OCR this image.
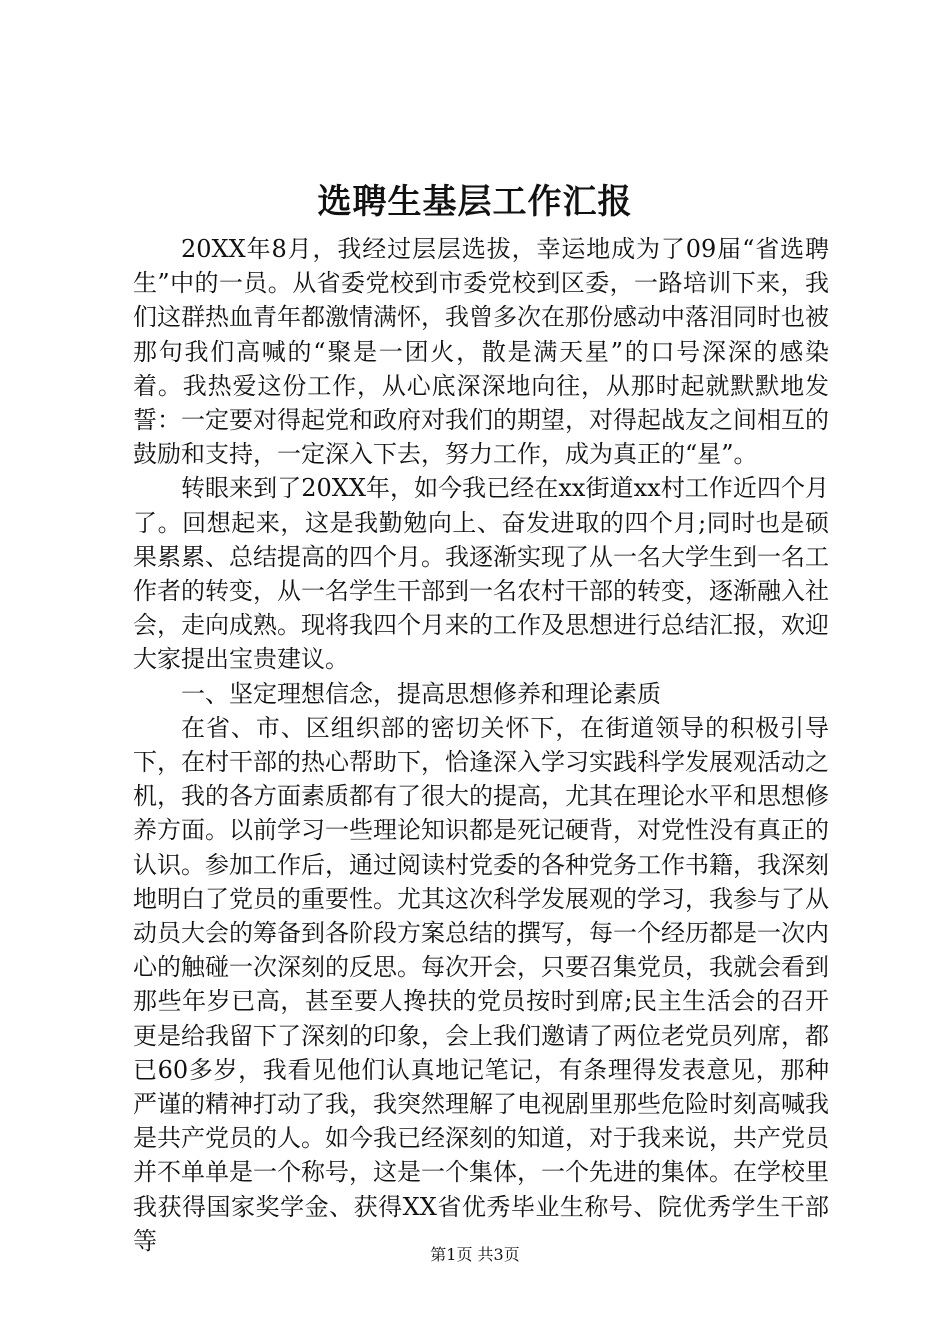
选聘生基层工作汇报

20XX年8月，我经过层层选拔，幸运地成为了09届“省选聘生”中的一员。从省委党校到市委党校到区委，一路培训下来，我们这群热血青年都激情满怀，我曾多次在那份感动中落泪同时也被那句我们高喊的“聚是一团火，散是满天星”的口号深深的感染着。我热爱这份工作，从心底深深地向往，从那时起就默默地发誓：一定要对得起党和政府对我们的期望，对得起战友之间相互的鼓励和支持，一定深入下去，努力工作，成为真正的“星”。

转眼来到了20XX年，如今我已经在xx街道xx村工作近四个月了。回想起来，这是我勤勉向上、奋发进取的四个月;同时也是硕果累累、总结提高的四个月。我逐渐实现了从一名大学生到一名工作者的转变，从一名学生干部到一名农村干部的转变，逐渐融入社会，走向成熟。现将我四个月来的工作及思想进行总结汇报，欢迎大家提出宝贵建议。

一、坚定理想信念，提高思想修养和理论素质

在省、市、区组织部的密切关怀下，在街道领导的积极引导下，在村干部的热心帮助下，恰逢深入学习实践科学发展观活动之机，我的各方面素质都有了很大的提高，尤其在理论水平和思想修养方面。以前学习一些理论知识都是死记硬背，对党性没有真正的认识。参加工作后，通过阅读村党委的各种党务工作书籍，我深刻地明白了党员的重要性。尤其这次科学发展观的学习，我参与了从动员大会的筹备到各阶段方案总结的撰写，每一个经历都是一次内心的触碰一次深刻的反思。每次开会，只要召集党员，我就会看到那些年岁已高，甚至要人搀扶的党员按时到席;民主生活会的召开更是给我留下了深刻的印象，会上我们邀请了两位老党员列席，都已60多岁，我看见他们认真地记笔记，有条理得发表意见，那种严谨的精神打动了我，我突然理解了电视剧里那些危险时刻高喊我是共产党员的人。如今我已经深刻的知道，对于我来说，共产党员并不单单是一个称号，这是一个集体，一个先进的集体。在学校里我获得国家奖学金、获得XX省优秀毕业生称号、院优秀学生干部等	第1页 共3页
